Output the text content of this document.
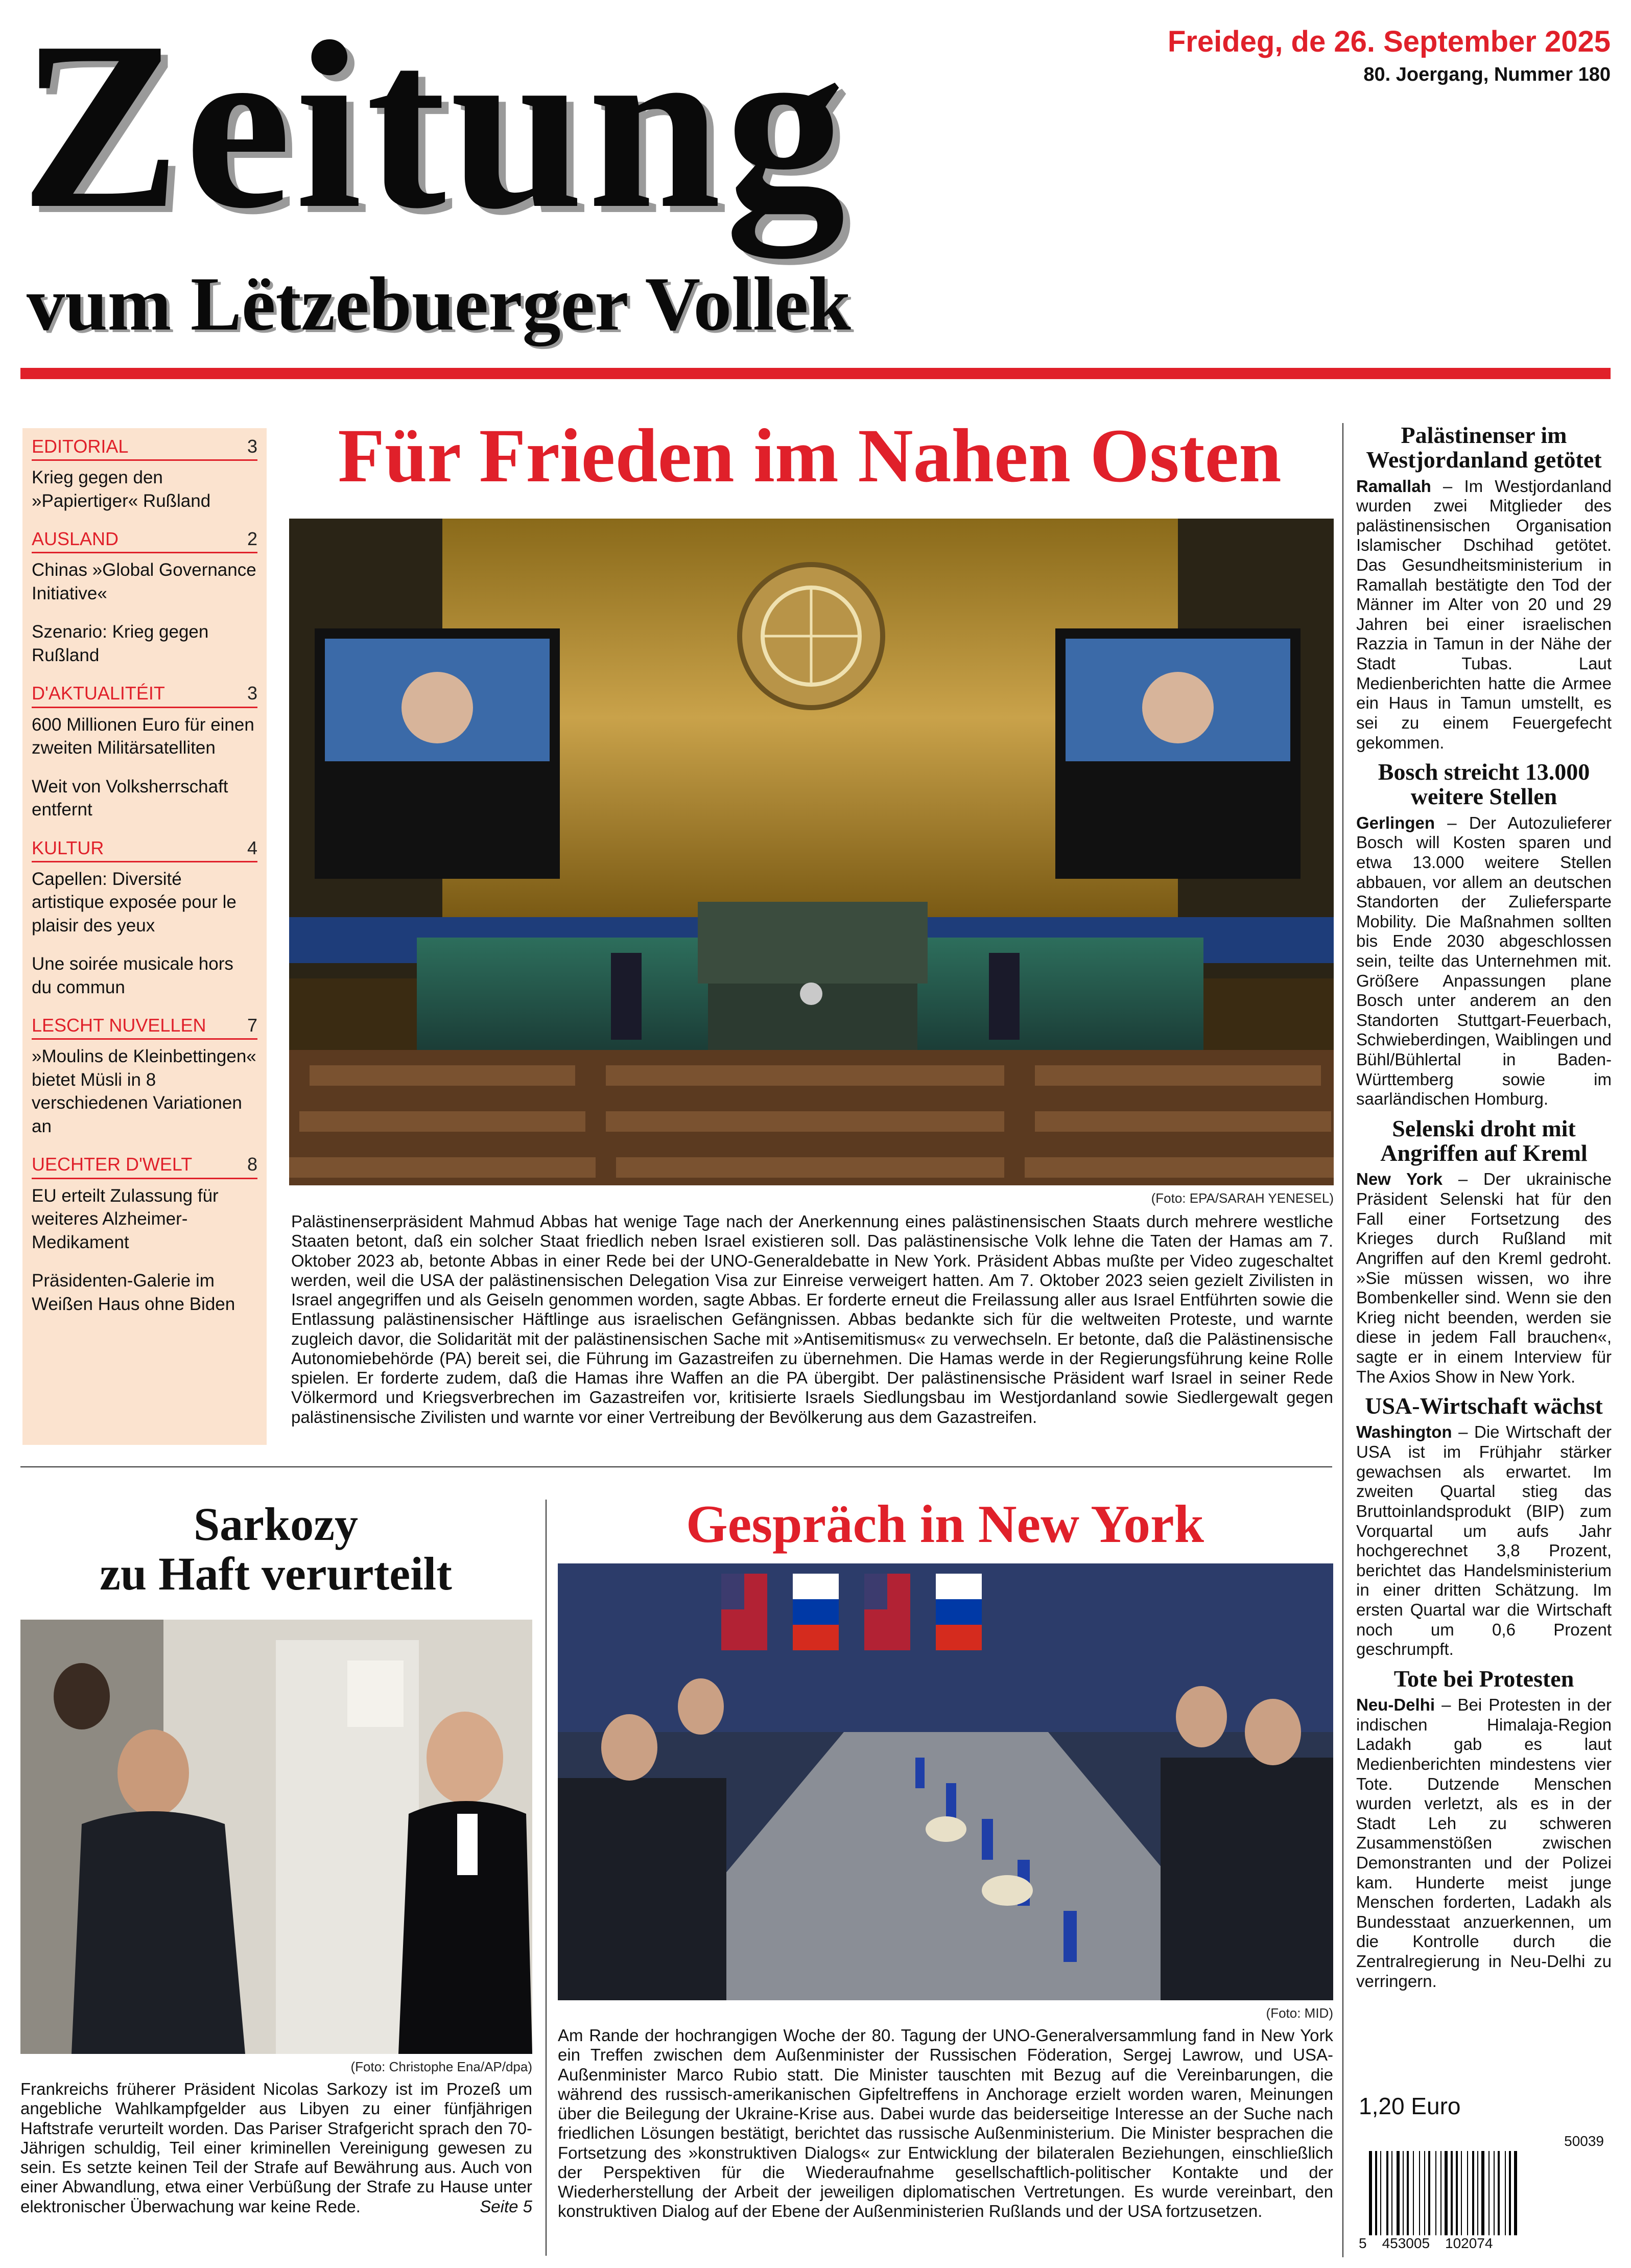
Zeitung
vum Lëtzebuerger Vollek
Freideg, de 26. September 2025
80. Joergang, Nummer 180
EDITORIAL	3
Krieg gegen den »Papiertiger« Rußland
AUSLAND	2
Chinas »Global Governance Initiative«
Szenario: Krieg gegen Rußland
D'AKTUALITÉIT	3
600 Millionen Euro für einen zweiten Militärsatelliten
Weit von Volksherrschaft entfernt
KULTUR	4
Capellen: Diversité artistique exposée pour le plaisir des yeux
Une soirée musicale hors du commun
LESCHT NUVELLEN 7
»Moulins de Kleinbettingen« bietet Müsli in 8 verschiedenen Variationen an
UECHTER D'WELT	8
EU erteilt Zulassung für weiteres Alzheimer-Medikament
Präsidenten-Galerie im Weißen Haus ohne Biden
Für Frieden im Nahen Osten
(Foto: EPA/SARAH YENESEL)
Palästinenserpräsident Mahmud Abbas hat wenige Tage nach der Anerkennung eines palästinensischen Staats durch mehrere westliche Staaten betont, daß ein solcher Staat friedlich neben Israel existieren soll. Das palästinensische Volk lehne die Taten der Hamas am 7. Oktober 2023 ab, betonte Abbas in einer Rede bei der UNO-Generaldebatte in New York. Präsident Abbas mußte per Video zugeschaltet werden, weil die USA der palästinensischen Delegation Visa zur Einreise verweigert hatten. Am 7. Oktober 2023 seien gezielt Zivilisten in Israel angegriffen und als Geiseln genommen worden, sagte Abbas. Er forderte erneut die Freilassung aller aus Israel Entführten sowie die Entlassung palästinensischer Häftlinge aus israelischen Gefängnissen. Abbas bedankte sich für die weltweiten Proteste, und warnte zugleich davor, die Solidarität mit der palästinensischen Sache mit »Antisemitismus« zu verwechseln. Er betonte, daß die Palästinensische Autonomiebehörde (PA) bereit sei, die Führung im Gazastreifen zu übernehmen. Die Hamas werde in der Regierungsführung keine Rolle spielen. Er forderte zudem, daß die Hamas ihre Waffen an die PA übergibt. Der palästinensische Präsident warf Israel in seiner Rede Völkermord und Kriegsverbrechen im Gazastreifen vor, kritisierte Israels Siedlungsbau im Westjordanland sowie Siedlergewalt gegen palästinensische Zivilisten und warnte vor einer Vertreibung der Bevölkerung aus dem Gazastreifen.
Sarkozy
zu Haft verurteilt
(Foto: Christophe Ena/AP/dpa)
Frankreichs früherer Präsident Nicolas Sarkozy ist im Prozeß um angebliche Wahlkampfgelder aus Libyen zu einer fünfjährigen Haftstrafe verurteilt worden. Das Pariser Strafgericht sprach den 70-Jährigen schuldig, Teil einer kriminellen Vereinigung gewesen zu sein. Es setzte keinen Teil der Strafe auf Bewährung aus. Auch von einer Abwandlung, etwa einer Verbüßung der Strafe zu Hause unter elektronischer Überwachung war keine Rede.	Seite 5
Gespräch in New York
(Foto: MID)
Am Rande der hochrangigen Woche der 80. Tagung der UNO-Generalversammlung fand in New York ein Treffen zwischen dem Außenminister der Russischen Föderation, Sergej Lawrow, und USA-Außenminister Marco Rubio statt. Die Minister tauschten mit Bezug auf die Vereinbarungen, die während des russisch-amerikanischen Gipfeltreffens in Anchorage erzielt worden waren, Meinungen über die Beilegung der Ukraine-Krise aus. Dabei wurde das beiderseitige Interesse an der Suche nach friedlichen Lösungen bestätigt, berichtet das russische Außenministerium. Die Minister besprachen die Fortsetzung des »konstruktiven Dialogs« zur Entwicklung der bilateralen Beziehungen, einschließlich der Perspektiven für die Wiederaufnahme gesellschaftlich-politischer Kontakte und der Wiederherstellung der Arbeit der jeweiligen diplomatischen Vertretungen. Es wurde vereinbart, den konstruktiven Dialog auf der Ebene der Außenministerien Rußlands und der USA fortzusetzen.
Palästinenser im Westjordanland getötet
Ramallah – Im Westjordanland wurden zwei Mitglieder des palästinensischen Organisation Islamischer Dschihad getötet. Das Gesundheitsministerium in Ramallah bestätigte den Tod der Männer im Alter von 20 und 29 Jahren bei einer israelischen Razzia in Tamun in der Nähe der Stadt Tubas. Laut Medienberichten hatte die Armee ein Haus in Tamun umstellt, es sei zu einem Feuergefecht gekommen.
Bosch streicht 13.000 weitere Stellen
Gerlingen – Der Autozulieferer Bosch will Kosten sparen und etwa 13.000 weitere Stellen abbauen, vor allem an deutschen Standorten der Zuliefersparte Mobility. Die Maßnahmen sollten bis Ende 2030 abgeschlossen sein, teilte das Unternehmen mit. Größere Anpassungen plane Bosch unter anderem an den Standorten Stuttgart-Feuerbach, Schwieberdingen, Waiblingen und Bühl/Bühlertal in Baden-Württemberg sowie im saarländischen Homburg.
Selenski droht mit Angriffen auf Kreml
New York – Der ukrainische Präsident Selenski hat für den Fall einer Fortsetzung des Krieges durch Rußland mit Angriffen auf den Kreml gedroht. »Sie müssen wissen, wo ihre Bombenkeller sind. Wenn sie den Krieg nicht beenden, werden sie diese in jedem Fall brauchen«, sagte er in einem Interview für The Axios Show in New York.
USA-Wirtschaft wächst
Washington – Die Wirtschaft der USA ist im Frühjahr stärker gewachsen als erwartet. Im zweiten Quartal stieg das Bruttoinlandsprodukt (BIP) zum Vorquartal um aufs Jahr hochgerechnet 3,8 Prozent, berichtet das Handelsministerium in einer dritten Schätzung. Im ersten Quartal war die Wirtschaft noch um 0,6 Prozent geschrumpft.
Tote bei Protesten
Neu-Delhi – Bei Protesten in der indischen Himalaja-Region Ladakh gab es laut Medienberichten mindestens vier Tote. Dutzende Menschen wurden verletzt, als es in der Stadt Leh zu schweren Zusammenstößen zwischen Demonstranten und der Polizei kam. Hunderte meist junge Menschen forderten, Ladakh als Bundesstaat anzuerkennen, um die Kontrolle durch die Zentralregierung in Neu-Delhi zu verringern.
1,20 Euro
50039
5 453005 102074
